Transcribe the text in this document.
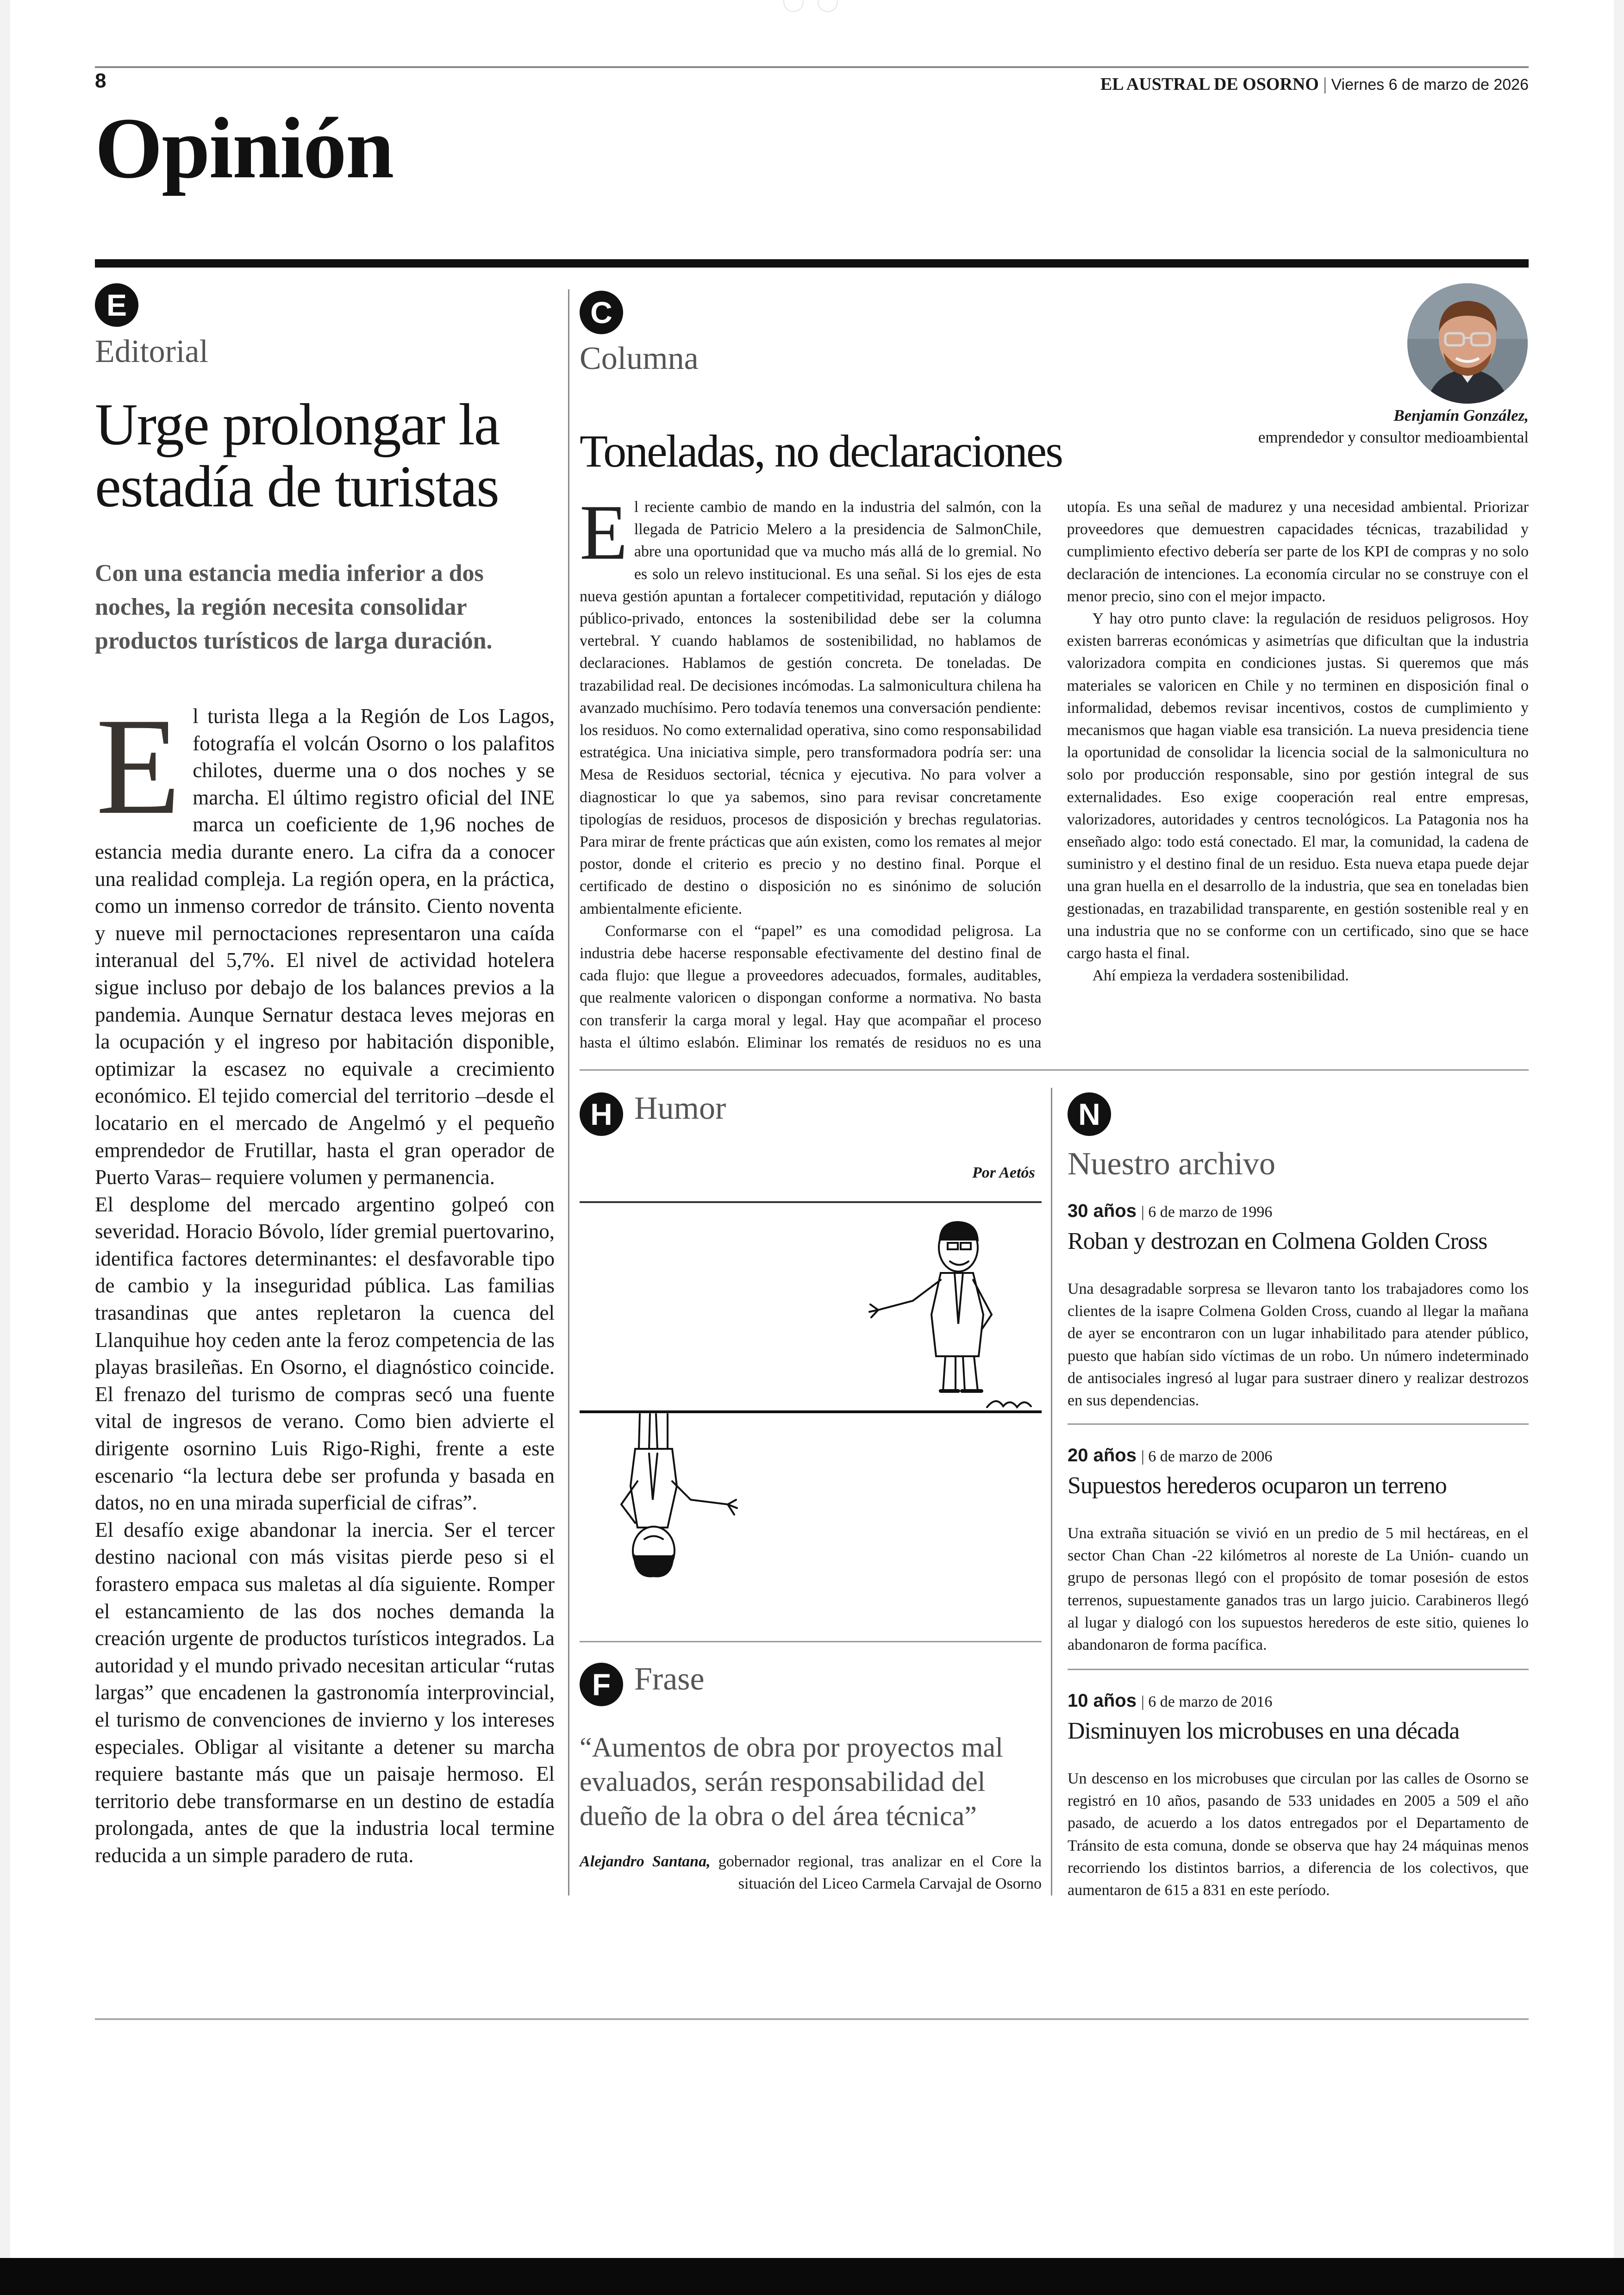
8	EL AUSTRAL DE OSORNO | Viernes 6 de marzo de 2026
Opinión
E
Editorial
Urge prolongar la
estadía de turistas
Con una estancia media inferior a dos noches, la región necesita consolidar productos turísticos de larga duración.
E l turista llega a la Región de Los Lagos, fotografía el volcán Osorno o los palafitos chilotes, duerme una o dos noches y se marcha. El último registro oficial del INE marca un coeficiente de 1,96 noches de estancia media durante enero. La cifra da a conocer una realidad compleja. La región opera, en la práctica, como un inmenso corredor de tránsito. Ciento noventa y nueve mil pernoctaciones representaron una caída interanual del 5,7%. El nivel de actividad hotelera sigue incluso por debajo de los balances previos a la pandemia. Aunque Sernatur destaca leves mejoras en la ocupación y el ingreso por habitación disponible, optimizar la escasez no equivale a crecimiento económico. El tejido comercial del territorio –desde el locatario en el mercado de Angelmó y el pequeño emprendedor de Frutillar, hasta el gran operador de Puerto Varas– requiere volumen y permanencia.

El desplome del mercado argentino golpeó con severidad. Horacio Bóvolo, líder gremial puertovarino, identifica factores determinantes: el desfavorable tipo de cambio y la inseguridad pública. Las familias trasandinas que antes repletaron la cuenca del Llanquihue hoy ceden ante la feroz competencia de las playas brasileñas. En Osorno, el diagnóstico coincide. El frenazo del turismo de compras secó una fuente vital de ingresos de verano. Como bien advierte el dirigente osornino Luis Rigo-Righi, frente a este escenario “la lectura debe ser profunda y basada en datos, no en una mirada superficial de cifras”.

El desafío exige abandonar la inercia. Ser el tercer destino nacional con más visitas pierde peso si el forastero empaca sus maletas al día siguiente. Romper el estancamiento de las dos noches demanda la creación urgente de productos turísticos integrados. La autoridad y el mundo privado necesitan articular “rutas largas” que encadenen la gastronomía interprovincial, el turismo de convenciones de invierno y los intereses especiales. Obligar al visitante a detener su marcha requiere bastante más que un paisaje hermoso. El territorio debe transformarse en un destino de estadía prolongada, antes de que la industria local termine reducida a un simple paradero de ruta.

C
Columna
Benjamín González,
emprendedor y consultor medioambiental
Toneladas, no declaraciones
E l reciente cambio de mando en la industria del salmón, con la llegada de Patricio Melero a la presidencia de SalmonChile, abre una oportunidad que va mucho más allá de lo gremial. No es solo un relevo institucional. Es una señal. Si los ejes de esta nueva gestión apuntan a fortalecer competitividad, reputación y diálogo público-privado, entonces la sostenibilidad debe ser la columna vertebral. Y cuando hablamos de sostenibilidad, no hablamos de declaraciones. Hablamos de gestión concreta. De toneladas. De trazabilidad real. De decisiones incómodas. La salmonicultura chilena ha avanzado muchísimo. Pero todavía tenemos una conversación pendiente: los residuos. No como externalidad operativa, sino como responsabilidad estratégica. Una iniciativa simple, pero transformadora podría ser: una Mesa de Residuos sectorial, técnica y ejecutiva. No para volver a diagnosticar lo que ya sabemos, sino para revisar concretamente tipologías de residuos, procesos de disposición y brechas regulatorias. Para mirar de frente prácticas que aún existen, como los remates al mejor postor, donde el criterio es precio y no destino final. Porque el certificado de destino o disposición no es sinónimo de solución ambientalmente eficiente.

Conformarse con el “papel” es una comodidad peligrosa. La industria debe hacerse responsable efectivamente del destino final de cada flujo: que llegue a proveedores adecuados, formales, auditables, que realmente valoricen o dispongan conforme a normativa. No basta con transferir la carga moral y legal. Hay que acompañar el proceso hasta el último eslabón. Eliminar los rematés de residuos no es una utopía. Es una señal de madurez y una necesidad ambiental. Priorizar proveedores que demuestren capacidades técnicas, trazabilidad y cumplimiento efectivo debería ser parte de los KPI de compras y no solo declaración de intenciones. La economía circular no se construye con el menor precio, sino con el mejor impacto.

Y hay otro punto clave: la regulación de residuos peligrosos. Hoy existen barreras económicas y asimetrías que dificultan que la industria valorizadora compita en condiciones justas. Si queremos que más materiales se valoricen en Chile y no terminen en disposición final o informalidad, debemos revisar incentivos, costos de cumplimiento y mecanismos que hagan viable esa transición. La nueva presidencia tiene la oportunidad de consolidar la licencia social de la salmonicultura no solo por producción responsable, sino por gestión integral de sus externalidades. Eso exige cooperación real entre empresas, valorizadores, autoridades y centros tecnológicos. La Patagonia nos ha enseñado algo: todo está conectado. El mar, la comunidad, la cadena de suministro y el destino final de un residuo. Esta nueva etapa puede dejar una gran huella en el desarrollo de la industria, que sea en toneladas bien gestionadas, en trazabilidad transparente, en gestión sostenible real y en una industria que no se conforme con un certificado, sino que se hace cargo hasta el final.

Ahí empieza la verdadera sostenibilidad.

H Humor
Por Aetós
F Frase
“Aumentos de obra por proyectos mal evaluados, serán responsabilidad del dueño de la obra o del área técnica”
Alejandro Santana, gobernador regional, tras analizar en el Core la situación del Liceo Carmela Carvajal de Osorno
N
Nuestro archivo
30 años | 6 de marzo de 1996
Roban y destrozan en Colmena Golden Cross
Una desagradable sorpresa se llevaron tanto los trabajadores como los clientes de la isapre Colmena Golden Cross, cuando al llegar la mañana de ayer se encontraron con un lugar inhabilitado para atender público, puesto que habían sido víctimas de un robo. Un número indeterminado de antisociales ingresó al lugar para sustraer dinero y realizar destrozos en sus dependencias.
20 años | 6 de marzo de 2006
Supuestos herederos ocuparon un terreno
Una extraña situación se vivió en un predio de 5 mil hectáreas, en el sector Chan Chan -22 kilómetros al noreste de La Unión- cuando un grupo de personas llegó con el propósito de tomar posesión de estos terrenos, supuestamente ganados tras un largo juicio. Carabineros llegó al lugar y dialogó con los supuestos herederos de este sitio, quienes lo abandonaron de forma pacífica.
10 años | 6 de marzo de 2016
Disminuyen los microbuses en una década
Un descenso en los microbuses que circulan por las calles de Osorno se registró en 10 años, pasando de 533 unidades en 2005 a 509 el año pasado, de acuerdo a los datos entregados por el Departamento de Tránsito de esta comuna, donde se observa que hay 24 máquinas menos recorriendo los distintos barrios, a diferencia de los colectivos, que aumentaron de 615 a 831 en este período.
